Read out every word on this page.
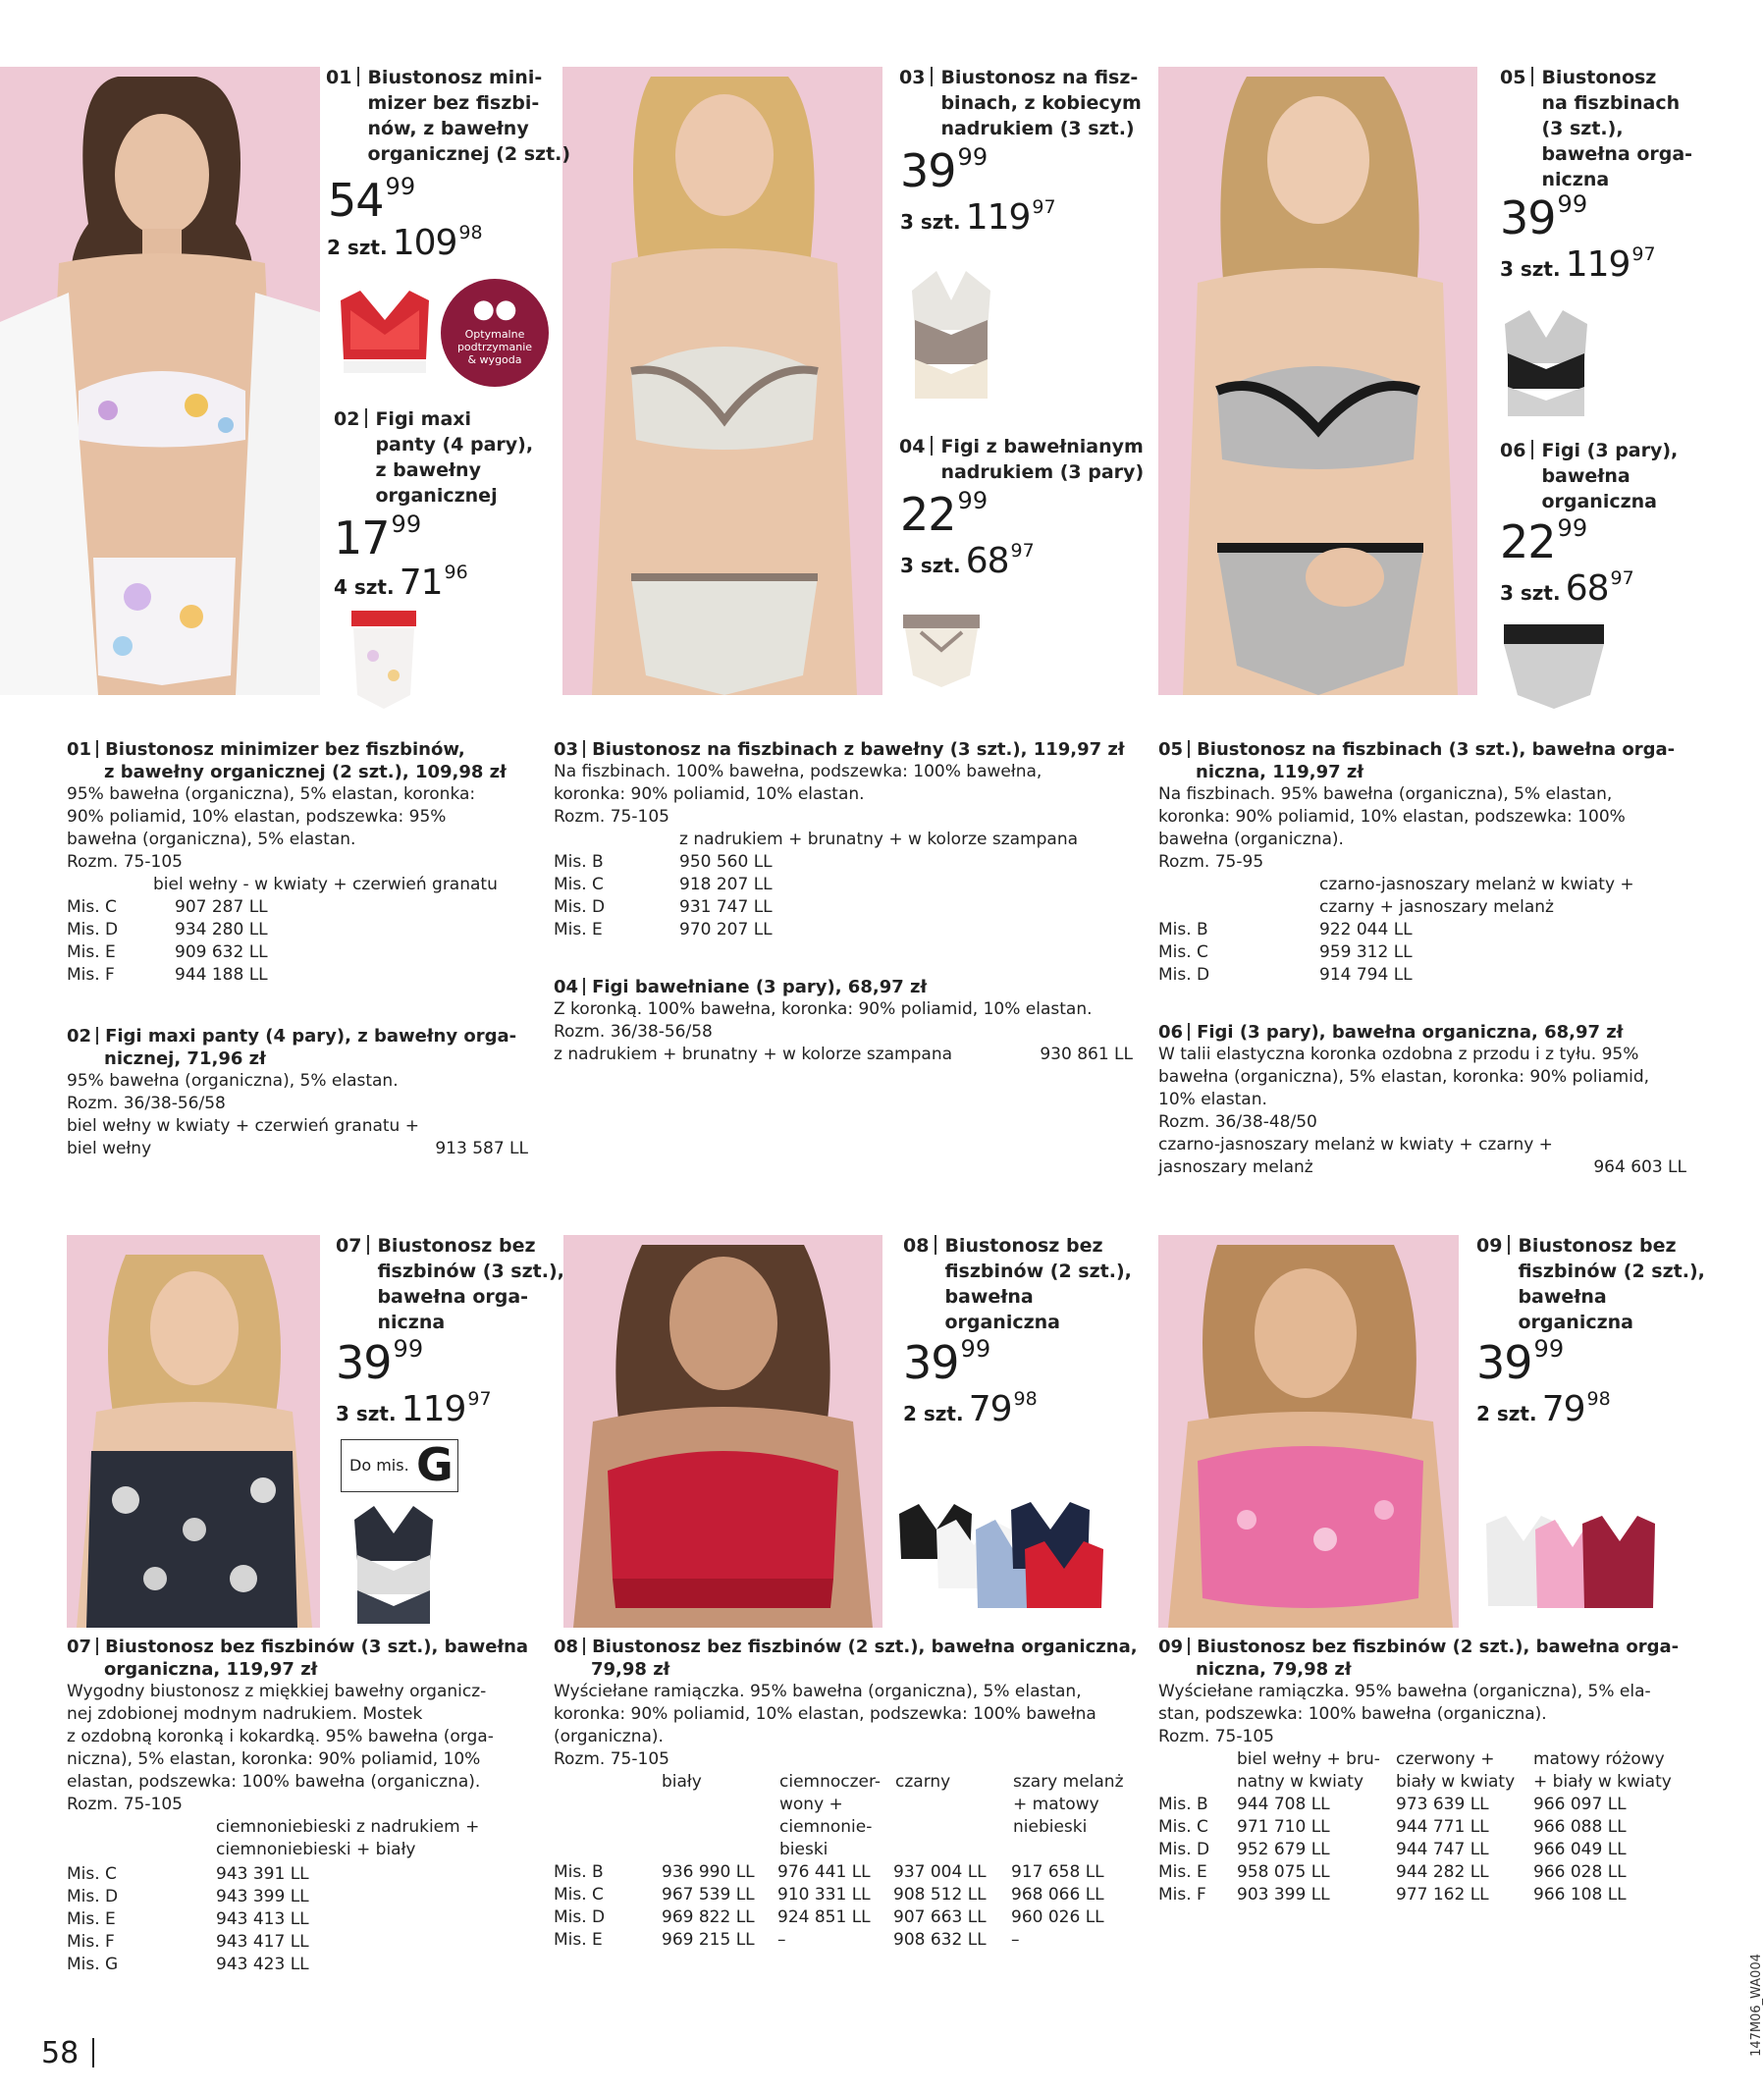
01 Biustonosz mini-
mizer bez fiszbi-
nów, z bawełny
organicznej (2 szt.)
5499
2 szt. 109 98
●●
Optymalne
podtrzymanie
& wygoda
02 Figi maxi
panty (4 pary),
z bawełny
organicznej
1799
4 szt. 71 96
03 Biustonosz na fisz-
binach, z kobiecym
nadrukiem (3 szt.)
3999
3 szt. 119 97
04 Figi z bawełnianym
nadrukiem (3 pary)
2299
3 szt. 68 97
05 Biustonosz
na fiszbinach
(3 szt.),
bawełna orga-
niczna
3999
3 szt. 119 97
06 Figi (3 pary),
bawełna
organiczna
2299
3 szt. 68 97
07 Biustonosz bez
fiszbinów (3 szt.),
bawełna orga-
niczna
3999
3 szt. 119 97
Do mis. G
08 Biustonosz bez
fiszbinów (2 szt.),
bawełna
organiczna
3999
2 szt. 79 98
09 Biustonosz bez
fiszbinów (2 szt.),
bawełna
organiczna
3999
2 szt. 79 98
01 Biustonosz minimizer bez fiszbinów,
z bawełny organicznej (2 szt.), 109,98 zł
95% bawełna (organiczna), 5% elastan, koronka:
90% poliamid, 10% elastan, podszewka: 95%
bawełna (organiczna), 5% elastan.
Rozm. 75-105
biel wełny - w kwiaty + czerwień granatu
Mis. C	907 287 LL
Mis. D	934 280 LL
Mis. E	909 632 LL
Mis. F	944 188 LL
02 Figi maxi panty (4 pary), z bawełny orga-
nicznej, 71,96 zł
95% bawełna (organiczna), 5% elastan.
Rozm. 36/38-56/58
biel wełny w kwiaty + czerwień granatu +
biel wełny	913 587 LL
03 Biustonosz na fiszbinach z bawełny (3 szt.), 119,97 zł
Na fiszbinach. 100% bawełna, podszewka: 100% bawełna,
koronka: 90% poliamid, 10% elastan.
Rozm. 75-105
z nadrukiem + brunatny + w kolorze szampana
Mis. B	950 560 LL
Mis. C	918 207 LL
Mis. D	931 747 LL
Mis. E	970 207 LL
04 Figi bawełniane (3 pary), 68,97 zł
Z koronką. 100% bawełna, koronka: 90% poliamid, 10% elastan.
Rozm. 36/38-56/58
z nadrukiem + brunatny + w kolorze szampana	930 861 LL
05 Biustonosz na fiszbinach (3 szt.), bawełna orga-
niczna, 119,97 zł
Na fiszbinach. 95% bawełna (organiczna), 5% elastan,
koronka: 90% poliamid, 10% elastan, podszewka: 100%
bawełna (organiczna).
Rozm. 75-95
czarno-jasnoszary melanż w kwiaty +
czarny + jasnoszary melanż
Mis. B	922 044 LL
Mis. C	959 312 LL
Mis. D	914 794 LL
06 Figi (3 pary), bawełna organiczna, 68,97 zł
W talii elastyczna koronka ozdobna z przodu i z tyłu. 95%
bawełna (organiczna), 5% elastan, koronka: 90% poliamid,
10% elastan.
Rozm. 36/38-48/50
czarno-jasnoszary melanż w kwiaty + czarny +
jasnoszary melanż	964 603 LL
07 Biustonosz bez fiszbinów (3 szt.), bawełna
organiczna, 119,97 zł
Wygodny biustonosz z miękkiej bawełny organicz-
nej zdobionej modnym nadrukiem. Mostek
z ozdobną koronką i kokardką. 95% bawełna (orga-
niczna), 5% elastan, koronka: 90% poliamid, 10%
elastan, podszewka: 100% bawełna (organiczna).
Rozm. 75-105
ciemnoniebieski z nadrukiem +
ciemnoniebieski + biały
Mis. C	943 391 LL
Mis. D	943 399 LL
Mis. E	943 413 LL
Mis. F	943 417 LL
Mis. G	943 423 LL
08 Biustonosz bez fiszbinów (2 szt.), bawełna organiczna,
79,98 zł
Wyściełane ramiączka. 95% bawełna (organiczna), 5% elastan,
koronka: 90% poliamid, 10% elastan, podszewka: 100% bawełna
(organiczna).
Rozm. 75-105
biały	ciemnoczer-
wony +
ciemnonie-
bieski
czarny	szary melanż
+ matowy
niebieski
Mis. B	936 990 LL	976 441 LL	937 004 LL	917 658 LL
Mis. C	967 539 LL	910 331 LL	908 512 LL	968 066 LL
Mis. D	969 822 LL	924 851 LL	907 663 LL	960 026 LL
Mis. E	969 215 LL	–	908 632 LL	–
09 Biustonosz bez fiszbinów (2 szt.), bawełna orga-
niczna, 79,98 zł
Wyściełane ramiączka. 95% bawełna (organiczna), 5% ela-
stan, podszewka: 100% bawełna (organiczna).
Rozm. 75-105
biel wełny + bru-
natny w kwiaty
czerwony +
biały w kwiaty
matowy różowy
+ biały w kwiaty
Mis. B	944 708 LL	973 639 LL	966 097 LL
Mis. C	971 710 LL	944 771 LL	966 088 LL
Mis. D	952 679 LL	944 747 LL	966 049 LL
Mis. E	958 075 LL	944 282 LL	966 028 LL
Mis. F	903 399 LL	977 162 LL	966 108 LL
58	147M06_WA004
